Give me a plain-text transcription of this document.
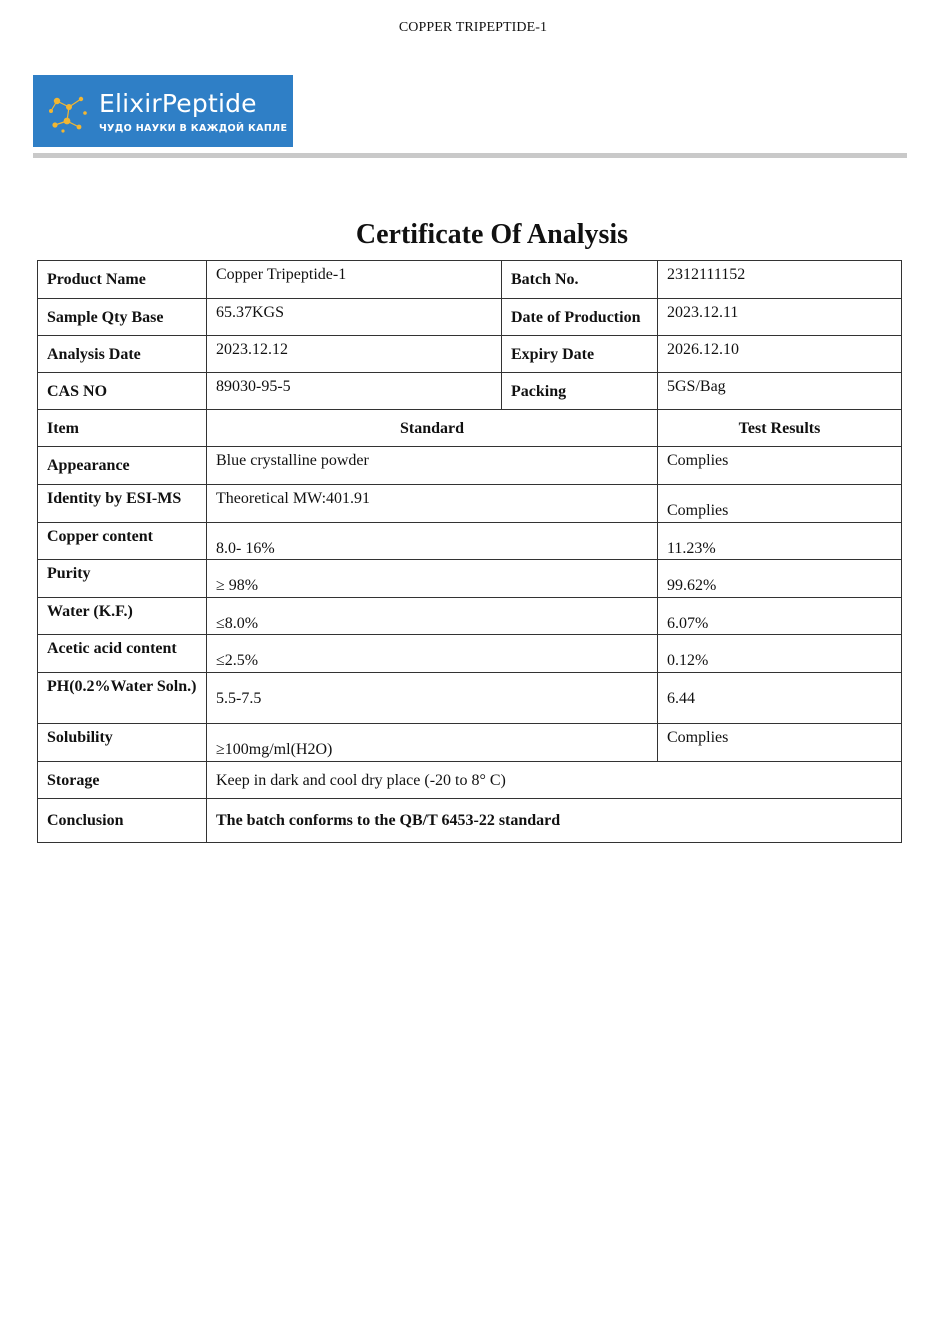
COPPER TRIPEPTIDE-1
ElixirPeptide
ЧУДО НАУКИ В КАЖДОЙ КАПЛЕ
Certificate Of Analysis
Product Name	Copper Tripeptide-1	Batch No.	2312111152
Sample Qty Base	65.37KGS	Date of Production	2023.12.11
Analysis Date	2023.12.12	Expiry Date	2026.12.10
CAS NO	89030-95-5	Packing	5GS/Bag
Item	Standard		Test Results
Appearance	Blue crystalline powder		Complies
Identity by ESI-MS	Theoretical MW:401.91		Complies
Copper content	8.0- 16%		11.23%
Purity	≥ 98%		99.62%
Water (K.F.)	≤8.0%		6.07%
Acetic acid content	≤2.5%		0.12%
PH(0.2%Water Soln.)	5.5-7.5		6.44
Solubility	≥100mg/ml(H2O)		Complies
Storage	Keep in dark and cool dry place (-20 to 8° C)		
Conclusion	The batch conforms to the QB/T 6453-22 standard		
